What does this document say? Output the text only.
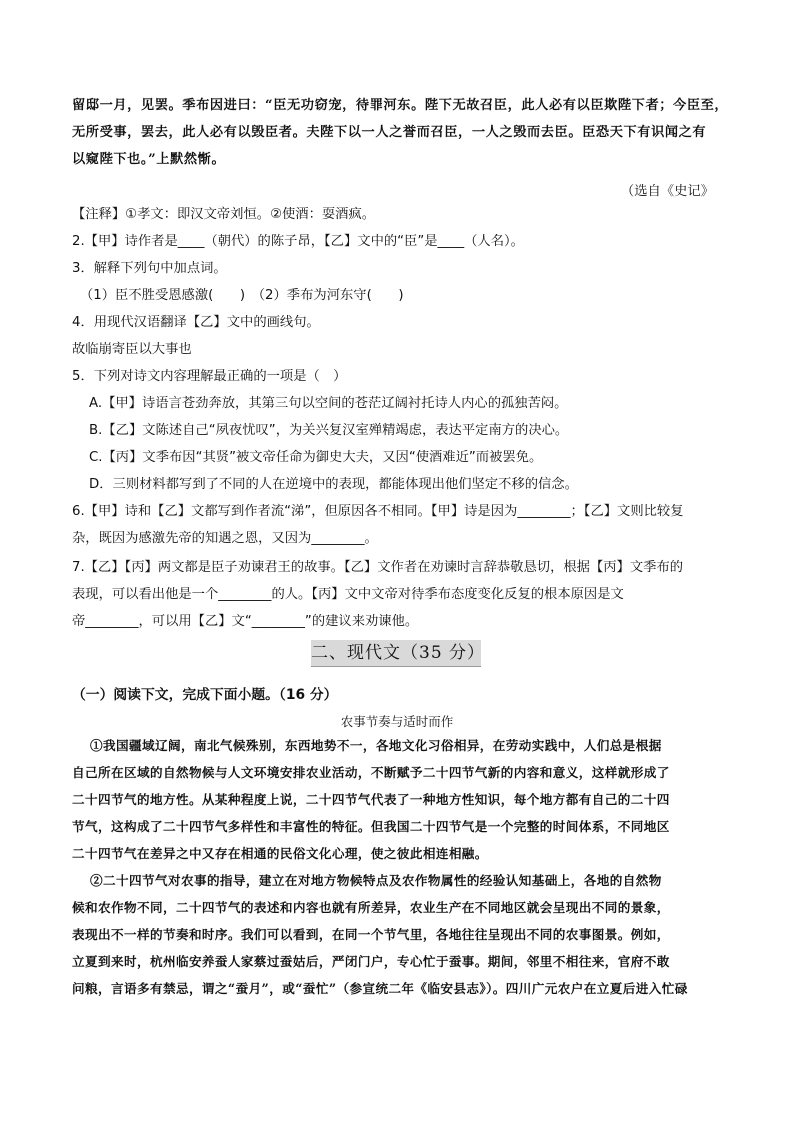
留邸一月，见罢。季布因进曰：“臣无功窃宠，待罪河东。陛下无故召臣，此人必有以臣欺陛下者；今臣至，
无所受事，罢去，此人必有以毁臣者。夫陛下以一人之誉而召臣，一人之毁而去臣。臣恐天下有识闻之有
以窥陛下也。”上默然惭。
（选自《史记》
【注释】①孝文：即汉文帝刘恒。②使酒：耍酒疯。
2.【甲】诗作者是____（朝代）的陈子昂，【乙】文中的“臣”是____（人名）。
3．解释下列句中加点词。
（1）臣不胜受恩感激(　　)　（2）季布为河东守(　　)
4．用现代汉语翻译【乙】文中的画线句。
故临崩寄臣以大事也
5．下列对诗文内容理解最正确的一项是（　）
A.【甲】诗语言苍劲奔放，其第三句以空间的苍茫辽阔衬托诗人内心的孤独苦闷。
B.【乙】文陈述自己“夙夜忧叹”，为关兴复汉室殚精竭虑，表达平定南方的决心。
C.【丙】文季布因“其贤”被文帝任命为御史大夫，又因“使酒难近”而被罢免。
D．三则材料都写到了不同的人在逆境中的表现，都能体现出他们坚定不移的信念。
6.【甲】诗和【乙】文都写到作者流“涕”，但原因各不相同。【甲】诗是因为________；【乙】文则比较复
杂，既因为感激先帝的知遇之恩，又因为________。
7.【乙】【丙】两文都是臣子劝谏君王的故事。【乙】文作者在劝谏时言辞恭敬恳切，根据【丙】文季布的
表现，可以看出他是一个________的人。【丙】文中文帝对待季布态度变化反复的根本原因是文
帝________，可以用【乙】文“________”的建议来劝谏他。
二、现代文（35 分）
（一）阅读下文，完成下面小题。（16 分）
农事节奏与适时而作
①我国疆域辽阔，南北气候殊别，东西地势不一，各地文化习俗相异，在劳动实践中，人们总是根据
自己所在区域的自然物候与人文环境安排农业活动，不断赋予二十四节气新的内容和意义，这样就形成了
二十四节气的地方性。从某种程度上说，二十四节气代表了一种地方性知识，每个地方都有自己的二十四
节气，这构成了二十四节气多样性和丰富性的特征。但我国二十四节气是一个完整的时间体系，不同地区
二十四节气在差异之中又存在相通的民俗文化心理，使之彼此相连相融。
②二十四节气对农事的指导，建立在对地方物候特点及农作物属性的经验认知基础上，各地的自然物
候和农作物不同，二十四节气的表述和内容也就有所差异，农业生产在不同地区就会呈现出不同的景象，
表现出不一样的节奏和时序。我们可以看到，在同一个节气里，各地往往呈现出不同的农事图景。例如，
立夏到来时，杭州临安养蚕人家蔡过蚕姑后，严闭门户，专心忙于蚕事。期间，邻里不相往来，官府不敢
问粮，言语多有禁忌，谓之“蚕月”，或“蚕忙”（参宣统二年《临安县志》）。四川广元农户在立夏后进入忙碌
